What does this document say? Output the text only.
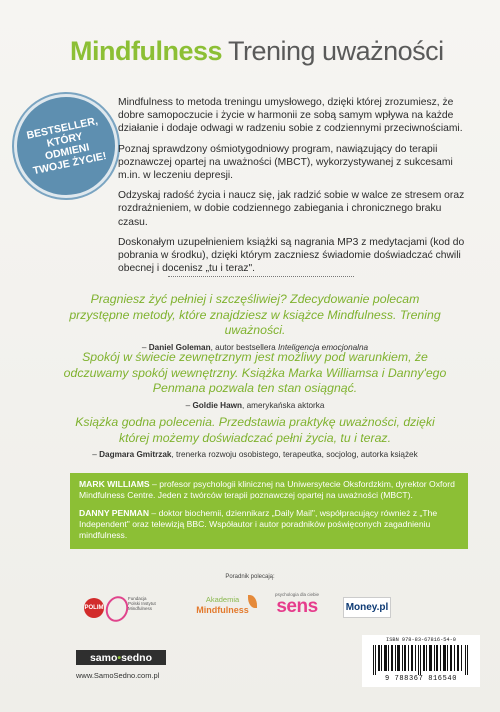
Mindfulness Trening uważności
BESTSELLER,
KTÓRY ODMIENI
TWOJE ŻYCIE!

Mindfulness to metoda treningu umysłowego, dzięki której zrozumiesz, że dobre samopoczucie i życie w harmonii ze sobą samym wpływa na każde działanie i dodaje odwagi w radzeniu sobie z codziennymi przeciwnościami.

Poznaj sprawdzony ośmiotygodniowy program, nawiązujący do terapii poznawczej opartej na uważności (MBCT), wykorzystywanej z sukcesami m.in. w leczeniu depresji.

Odzyskaj radość życia i naucz się, jak radzić sobie w walce ze stresem oraz rozdrażnieniem, w dobie codziennego zabiegania i chronicznego braku czasu.

Doskonałym uzupełnieniem książki są nagrania MP3 z medytacjami (kod do pobrania w środku), dzięki którym zaczniesz świadomie doświadczać chwili obecnej i docenisz „tu i teraz".

Pragniesz żyć pełniej i szczęśliwiej? Zdecydowanie polecam przystępne metody, które znajdziesz w książce Mindfulness. Trening uważności.
– Daniel Goleman, autor bestsellera Inteligencja emocjonalna
Spokój w świecie zewnętrznym jest możliwy pod warunkiem, że odczuwamy spokój wewnętrzny. Książka Marka Williamsa i Danny'ego Penmana pozwala ten stan osiągnąć.
– Goldie Hawn, amerykańska aktorka
Książka godna polecenia. Przedstawia praktykę uważności, dzięki której możemy doświadczać pełni życia, tu i teraz.
– Dagmara Gmitrzak, trenerka rozwoju osobistego, terapeutka, socjolog, autorka książek

MARK WILLIAMS – profesor psychologii klinicznej na Uniwersytecie Oksfordzkim, dyrektor Oxford Mindfulness Centre. Jeden z twórców terapii poznawczej opartej na uważności (MBCT).

DANNY PENMAN – doktor biochemii, dziennikarz „Daily Mail", współpracujący również z „The Independent" oraz telewizją BBC. Współautor i autor poradników poświęconych zagadnieniu mindfulness.

Poradnik polecają:
POLIM
Fundacja
Polski Instytut
Mindfulness
Akademia
Mindfulness
psychologia dla ciebie
sens	Money.pl
ISBN 978-83-67816-54-0
9 788367 816540
samo • sedno
www.SamoSedno.com.pl
